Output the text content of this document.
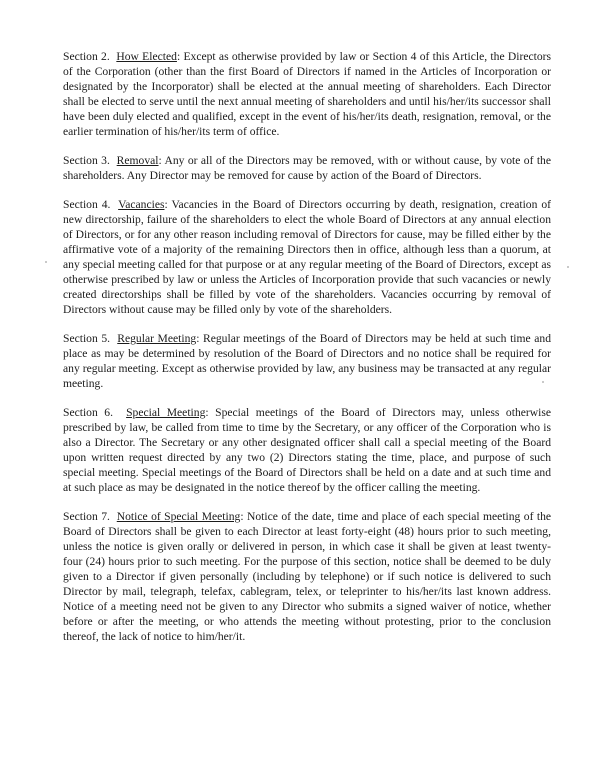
Section 2. How Elected: Except as otherwise provided by law or Section 4 of this Article, the Directors of the Corporation (other than the first Board of Directors if named in the Articles of Incorporation or designated by the Incorporator) shall be elected at the annual meeting of shareholders. Each Director shall be elected to serve until the next annual meeting of shareholders and until his/her/its successor shall have been duly elected and qualified, except in the event of his/her/its death, resignation, removal, or the earlier termination of his/her/its term of office.

Section 3. Removal: Any or all of the Directors may be removed, with or without cause, by vote of the shareholders. Any Director may be removed for cause by action of the Board of Directors.

Section 4. Vacancies: Vacancies in the Board of Directors occurring by death, resignation, creation of new directorship, failure of the shareholders to elect the whole Board of Directors at any annual election of Directors, or for any other reason including removal of Directors for cause, may be filled either by the affirmative vote of a majority of the remaining Directors then in office, although less than a quorum, at any special meeting called for that purpose or at any regular meeting of the Board of Directors, except as otherwise prescribed by law or unless the Articles of Incorporation provide that such vacancies or newly created directorships shall be filled by vote of the shareholders. Vacancies occurring by removal of Directors without cause may be filled only by vote of the shareholders.

Section 5. Regular Meeting: Regular meetings of the Board of Directors may be held at such time and place as may be determined by resolution of the Board of Directors and no notice shall be required for any regular meeting. Except as otherwise provided by law, any business may be transacted at any regular meeting.

Section 6. Special Meeting: Special meetings of the Board of Directors may, unless otherwise prescribed by law, be called from time to time by the Secretary, or any officer of the Corporation who is also a Director. The Secretary or any other designated officer shall call a special meeting of the Board upon written request directed by any two (2) Directors stating the time, place, and purpose of such special meeting. Special meetings of the Board of Directors shall be held on a date and at such time and at such place as may be designated in the notice thereof by the officer calling the meeting.

Section 7. Notice of Special Meeting: Notice of the date, time and place of each special meeting of the Board of Directors shall be given to each Director at least forty-eight (48) hours prior to such meeting, unless the notice is given orally or delivered in person, in which case it shall be given at least twenty-four (24) hours prior to such meeting. For the purpose of this section, notice shall be deemed to be duly given to a Director if given personally (including by telephone) or if such notice is delivered to such Director by mail, telegraph, telefax, cablegram, telex, or teleprinter to his/her/its last known address. Notice of a meeting need not be given to any Director who submits a signed waiver of notice, whether before or after the meeting, or who attends the meeting without protesting, prior to the conclusion thereof, the lack of notice to him/her/it.
